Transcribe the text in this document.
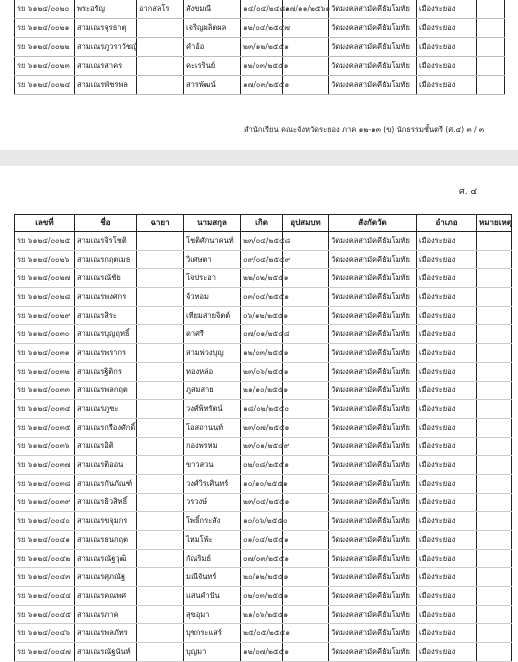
รย ๖๑๒๔/๐๐๒๐	พระอรัญ	อากสลโร	สังขมณี	๑๔/๐๔/๒๔๘๑	๑๗/๑๑/๒๕๖๑	วัดมงคลสามัคคีธัมโมทัย	เมืองระยอง	
รย ๖๑๒๔/๐๐๒๑	สามเณรจุรธาตุ		เจริญผลิตผล	๑๒/๐๔/๒๕๔๗		วัดมงคลสามัคคีธัมโมทัย	เมืองระยอง	
รย ๖๑๒๔/๐๐๒๒	สามเณรภูวราวัชญ์		คำอ้อ	๒๓/๑๒/๒๕๕๑		วัดมงคลสามัคคีธัมโมทัย	เมืองระยอง	
รย ๖๑๒๔/๐๐๒๓	สามเณรสาคร		คะเรรินย์	๑๒/๐๓/๒๕๕๑		วัดมงคลสามัคคีธัมโมทัย	เมืองระยอง	
รย ๖๑๒๔/๐๐๒๔	สามเณรพัชรพล		สารพัฒน์	๑๗/๐๓/๒๕๕๑		วัดมงคลสามัคคีธัมโมทัย	เมืองระยอง	
สำนักเรียน คณะจังหวัดระยอง ภาค ๑๒-๑๓ (ข) นักธรรมชั้นตรี (ศ.๔) ๓ / ๓
ศ. ๔
เลขที่	ชื่อ	ฉายา	นามสกุล	เกิด	อุปสมบท	สังกัดวัด	อำเภอ	หมายเหตุ
รย ๖๑๒๔/๐๐๒๕	สามเณรจิรโชติ		โชติศักนาคนท์	๒๓/๐๔/๒๕๔๘		วัดมงคลสามัคคีธัมโมทัย	เมืองระยอง	
รย ๖๑๒๔/๐๐๒๖	สามเณรกฤตเมธ		วิเศษตา	๐๙/๐๔/๒๕๔๙		วัดมงคลสามัคคีธัมโมทัย	เมืองระยอง	
รย ๖๑๒๔/๐๐๒๗	สามเณรณัชัย		โจประอา	๒๒/๐๒/๒๕๕๑		วัดมงคลสามัคคีธัมโมทัย	เมืองระยอง	
รย ๖๑๒๔/๐๐๒๘	สามเณรพงศกร		จ้วทอม	๐๓/๐๔/๒๕๕๑		วัดมงคลสามัคคีธัมโมทัย	เมืองระยอง	
รย ๖๑๒๔/๐๐๒๙	สามเณรสิระ		เทียมสายจิตต์	๐๖/๑๒/๒๕๕๑		วัดมงคลสามัคคีธัมโมทัย	เมืองระยอง	
รย ๖๑๒๔/๐๐๓๐	สามเณรบุญฤทธิ์		ดาศรี	๐๗/๐๑/๒๕๔๘		วัดมงคลสามัคคีธัมโมทัย	เมืองระยอง	
รย ๖๑๒๔/๐๐๓๑	สามเณรพรากร		สามพ่วงบุญ	๑๒/๐๓/๒๕๕๑		วัดมงคลสามัคคีธัมโมทัย	เมืองระยอง	
รย ๖๑๒๔/๐๐๓๒	สามเณรฐิติกร		ทองหล่อ	๒๓/๐๖/๒๕๕๑		วัดมงคลสามัคคีธัมโมทัย	เมืองระยอง	
รย ๖๑๒๔/๐๐๓๓	สามเณรพลกฤต		ภูสมสาย	๒๑/๑๐/๒๕๕๑		วัดมงคลสามัคคีธัมโมทัย	เมืองระยอง	
รย ๖๑๒๔/๐๐๓๔	สามเณรภูชะ		วงศ์พิทรัตน์	๑๘/๐๒/๒๕๕๐		วัดมงคลสามัคคีธัมโมทัย	เมืองระยอง	
รย ๖๑๒๔/๐๐๓๕	สามเณรกรืองศักดิ์		โอสถานนท์	๒๓/๐๗/๒๕๕๑		วัดมงคลสามัคคีธัมโมทัย	เมืองระยอง	
รย ๖๑๒๔/๐๐๓๖	สามเณรอิติ		กองพรหม	๒๓/๐๑/๒๕๔๙		วัดมงคลสามัคคีธัมโมทัย	เมืองระยอง	
รย ๖๑๒๔/๐๐๓๗	สามเณรติออน		ขาวสวน	๐๒/๐๘/๒๕๕๑		วัดมงคลสามัคคีธัมโมทัย	เมืองระยอง	
รย ๖๑๒๔/๐๐๓๘	สามเณรกันภัณฑ์		วงศ์วิรเศินทร์	๑๐/๑๐/๒๕๕๑		วัดมงคลสามัคคีธัมโมทัย	เมืองระยอง	
รย ๖๑๒๔/๐๐๓๙	สามเณรธิวสิทธิ์		วรวงษ์	๒๓/๐๔/๒๕๕๑		วัดมงคลสามัคคีธัมโมทัย	เมืองระยอง	
รย ๖๑๒๔/๐๐๔๐	สามเณรขจุมกร		โพธิ์กระสัง	๑๐/๐๖/๒๕๕๐		วัดมงคลสามัคคีธัมโมทัย	เมืองระยอง	
รย ๖๑๒๔/๐๐๔๑	สามเณรธนกฤต		ไหมโพ้ะ	๐๑/๐๔/๒๕๕๑		วัดมงคลสามัคคีธัมโมทัย	เมืองระยอง	
รย ๖๑๒๔/๐๐๔๒	สามเณรณัฐวุฒิ		กัณริมย์	๐๗/๐๓/๒๕๕๑		วัดมงคลสามัคคีธัมโมทัย	เมืองระยอง	
รย ๖๑๒๔/๐๐๔๓	สามเณรศุภณัฐ		มณีจันทร์	๒๐/๑๒/๒๕๕๑		วัดมงคลสามัคคีธัมโมทัย	เมืองระยอง	
รย ๖๑๒๔/๐๐๔๔	สามเณรคณพศ		แสนคำปัน	๐๒/๐๓/๒๕๕๑		วัดมงคลสามัคคีธัมโมทัย	เมืองระยอง	
รย ๖๑๒๔/๐๐๔๕	สามเณรภาค		สุขอุมา	๒๑/๐๖/๒๕๕๑		วัดมงคลสามัคคีธัมโมทัย	เมืองระยอง	
รย ๖๑๒๔/๐๐๔๖	สามเณรพลภัทร		บุชกระแสร์	๒๕/๐๕/๒๕๕๑		วัดมงคลสามัคคีธัมโมทัย	เมืองระยอง	
รย ๖๑๒๔/๐๐๔๗	สามเณรณัฐนันท์		บุญมา	๑๒/๐๗/๒๕๕๑		วัดมงคลสามัคคีธัมโมทัย	เมืองระยอง	
